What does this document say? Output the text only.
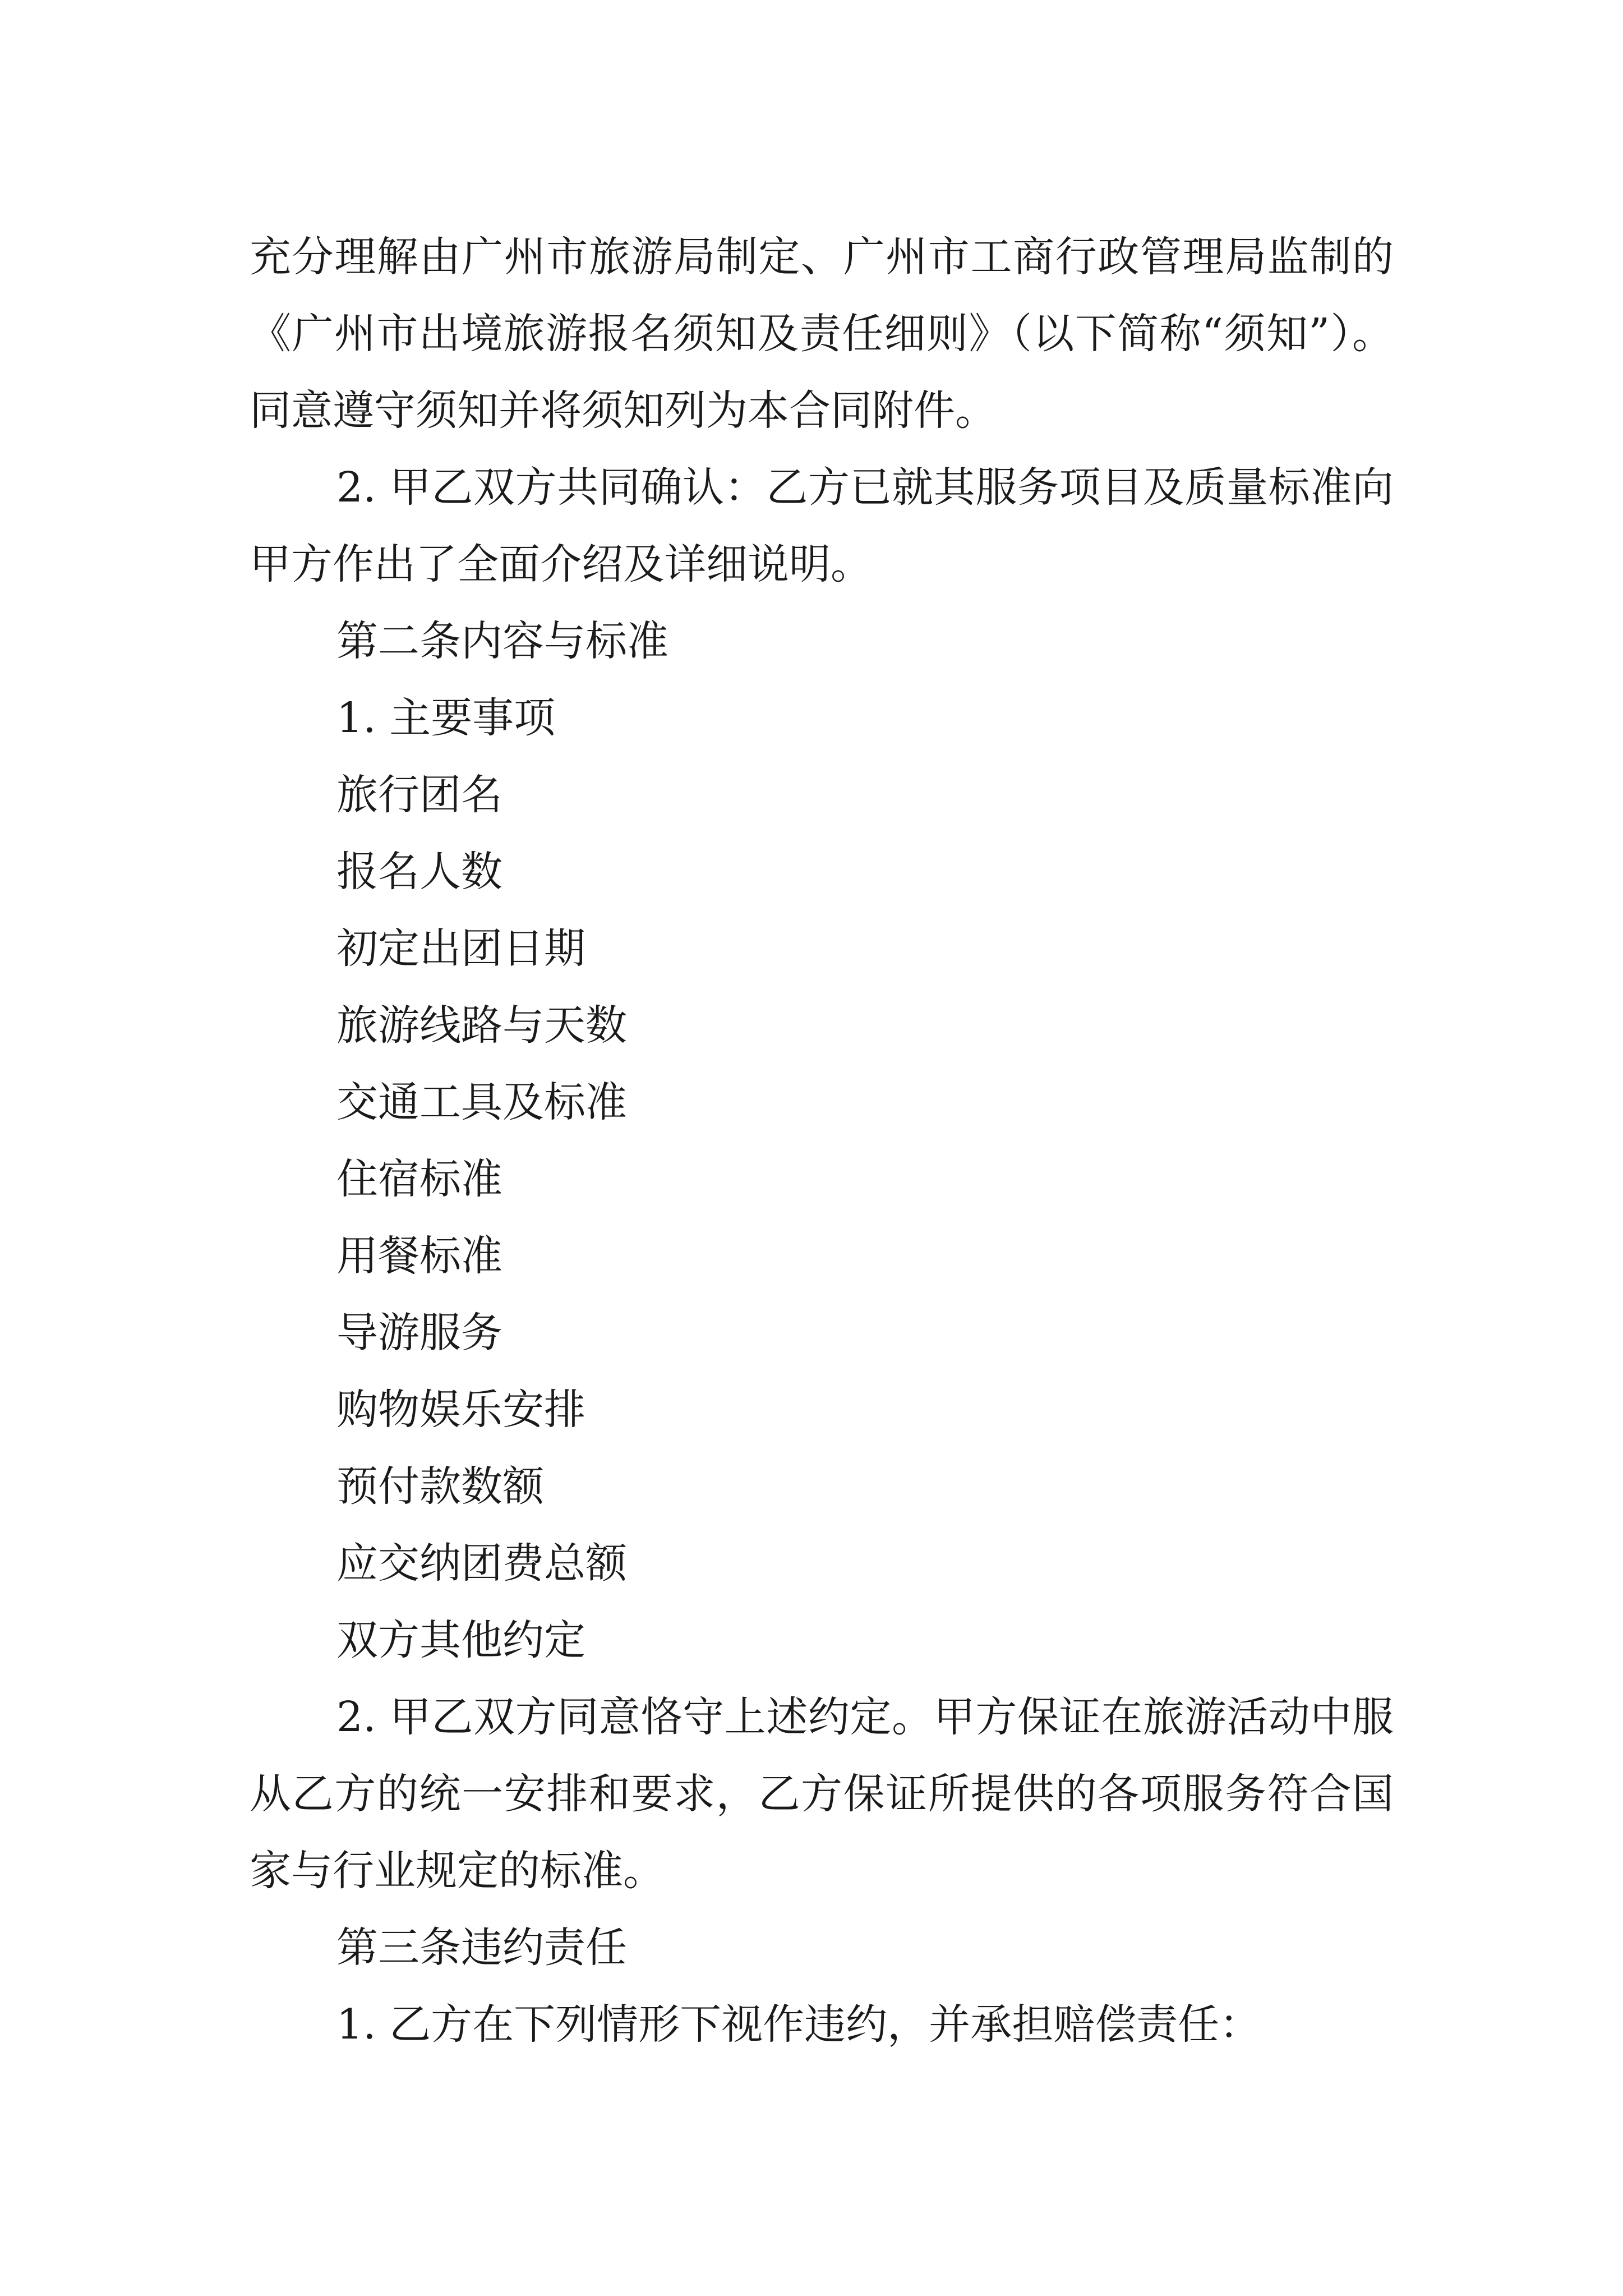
充分理解由广州市旅游局制定、广州市工商行政管理局监制的《广州市出境旅游报名须知及责任细则》（以下简称“须知”）。同意遵守须知并将须知列为本合同附件。

2. 甲乙双方共同确认：乙方已就其服务项目及质量标准向甲方作出了全面介绍及详细说明。

第二条内容与标准

1. 主要事项

旅行团名

报名人数

初定出团日期

旅游线路与天数

交通工具及标准

住宿标准

用餐标准

导游服务

购物娱乐安排

预付款数额

应交纳团费总额

双方其他约定

2. 甲乙双方同意恪守上述约定。甲方保证在旅游活动中服从乙方的统一安排和要求，乙方保证所提供的各项服务符合国家与行业规定的标准。

第三条违约责任

1. 乙方在下列情形下视作违约，并承担赔偿责任：
